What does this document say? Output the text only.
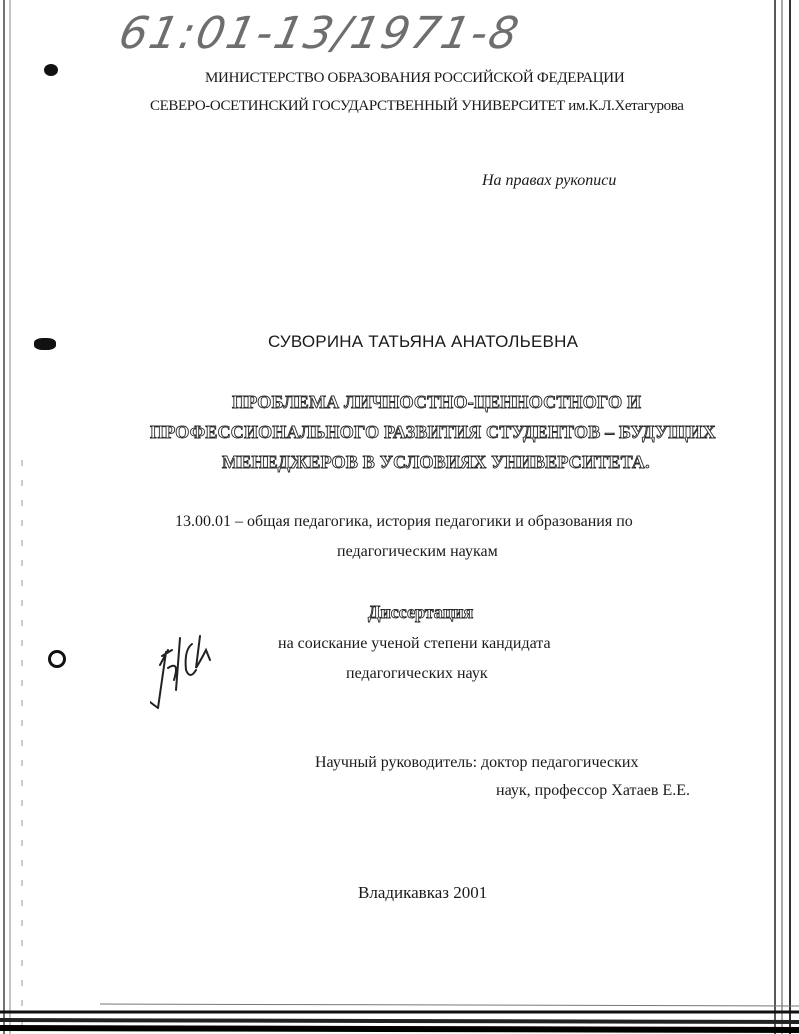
61:01-13/1971-8
МИНИСТЕРСТВО ОБРАЗОВАНИЯ РОССИЙСКОЙ ФЕДЕРАЦИИ
СЕВЕРО-ОСЕТИНСКИЙ ГОСУДАРСТВЕННЫЙ УНИВЕРСИТЕТ им.К.Л.Хетагурова
На правах рукописи
СУВОРИНА ТАТЬЯНА АНАТОЛЬЕВНА
ПРОБЛЕМА ЛИЧНОСТНО-ЦЕННОСТНОГО И
ПРОФЕССИОНАЛЬНОГО РАЗВИТИЯ СТУДЕНТОВ – БУДУЩИХ
МЕНЕДЖЕРОВ В УСЛОВИЯХ УНИВЕРСИТЕТА.
13.00.01 – общая педагогика, история педагогики и образования по
педагогическим наукам
Диссертация
на соискание ученой степени кандидата
педагогических наук
Научный руководитель: доктор педагогических
наук, профессор Хатаев Е.Е.
Владикавказ 2001
